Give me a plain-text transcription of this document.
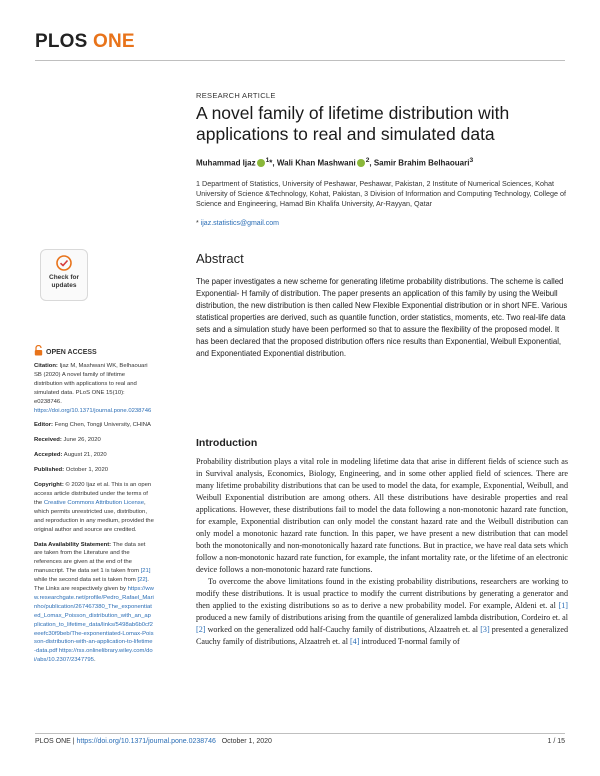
PLOS ONE
RESEARCH ARTICLE
A novel family of lifetime distribution with applications to real and simulated data
Muhammad Ijaz $^1$*, Wali Khan Mashwani $^2$, Samir Brahim Belhaouari$^3$
1 Department of Statistics, University of Peshawar, Peshawar, Pakistan, 2 Institute of Numerical Sciences, Kohat University of Science &Technology, Kohat, Pakistan, 3 Division of Information and Computing Technology, College of Science and Engineering, Hamad Bin Khalifa University, Ar-Rayyan, Qatar
* ijaz.statistics@gmail.com
Abstract
The paper investigates a new scheme for generating lifetime probability distributions. The scheme is called Exponential- H family of distribution. The paper presents an application of this family by using the Weibull distribution, the new distribution is then called New Flexible Exponential distribution or in short NFE. Various statistical properties are derived, such as quantile function, order statistics, moments, etc. Two real-life data sets and a simulation study have been performed so that to assure the flexibility of the proposed model. It has been declared that the proposed distribution offers nice results than Exponential, Weibull Exponential, and Exponentiated Exponential distribution.
Introduction

Probability distribution plays a vital role in modeling lifetime data that arise in different fields of science such as in Survival analysis, Economics, Biology, Engineering, and in some other applied field of sciences. There are many lifetime probability distributions that can be used to model the data, for example, Exponential, Weibull, and Weibull Exponential distribution are among others. All these distributions have desirable properties and real applications. However, these distributions fail to model the data following a non-monotonic hazard rate function, for example, Exponential distribution can only model the constant hazard rate and the Weibull distribution can only model a monotonic hazard rate function. In this paper, we have present a new distribution that can model both the monotonically and non-monotonically hazard rate functions. But in practice, we have real data sets which follow a non-monotonic hazard rate function, for example, the infant mortality rate, or the lifetime of an electronic device follows a non-monotonic hazard rate functions.

To overcome the above limitations found in the existing probability distributions, researchers are working to modify these distributions. It is usual practice to modify the current distributions by generating a generator and then applied to the existing distributions so as to derive a new probability model. For example, Aldeni et. al [1] produced a new family of distributions arising from the quantile of generalized lambda distribution, Cordeiro et. al [2] worked on the generalized odd half-Cauchy family of distributions, Alzaatreh et. al [3] presented a generalized Cauchy family of distributions, Alzaatreh et. al [4] introduced T-normal family of

Check for updates
OPEN ACCESS
Citation: Ijaz M, Mashwani WK, Belhaouari SB (2020) A novel family of lifetime distribution with applications to real and simulated data. PLoS ONE 15(10): e0238746. https://doi.org/10.1371/journal.pone.0238746
Editor: Feng Chen, Tongji University, CHINA
Received: June 26, 2020
Accepted: August 21, 2020
Published: October 1, 2020
Copyright: © 2020 Ijaz et al. This is an open access article distributed under the terms of the Creative Commons Attribution License, which permits unrestricted use, distribution, and reproduction in any medium, provided the original author and source are credited.
Data Availability Statement: The data set are taken from the Literature and the references are given at the end of the manuscript. The data set 1 is taken from [21] while the second data set is taken from [22]. The Links are respectively given by https://www.researchgate.net/profile/Pedro_Rafael_Marinho/publication/267467380_The_exponentiated_Lomax_Poisson_distribution_with_an_application_to_lifetime_data/links/5498ab6b0cf2eeefc30f9beb/The-exponentiated-Lomax-Poisson-distribution-with-an-application-to-lifetime-data.pdf https://rss.onlinelibrary.wiley.com/doi/abs/10.2307/2347795.
PLOS ONE | https://doi.org/10.1371/journal.pone.0238746 October 1, 2020	1 / 15
